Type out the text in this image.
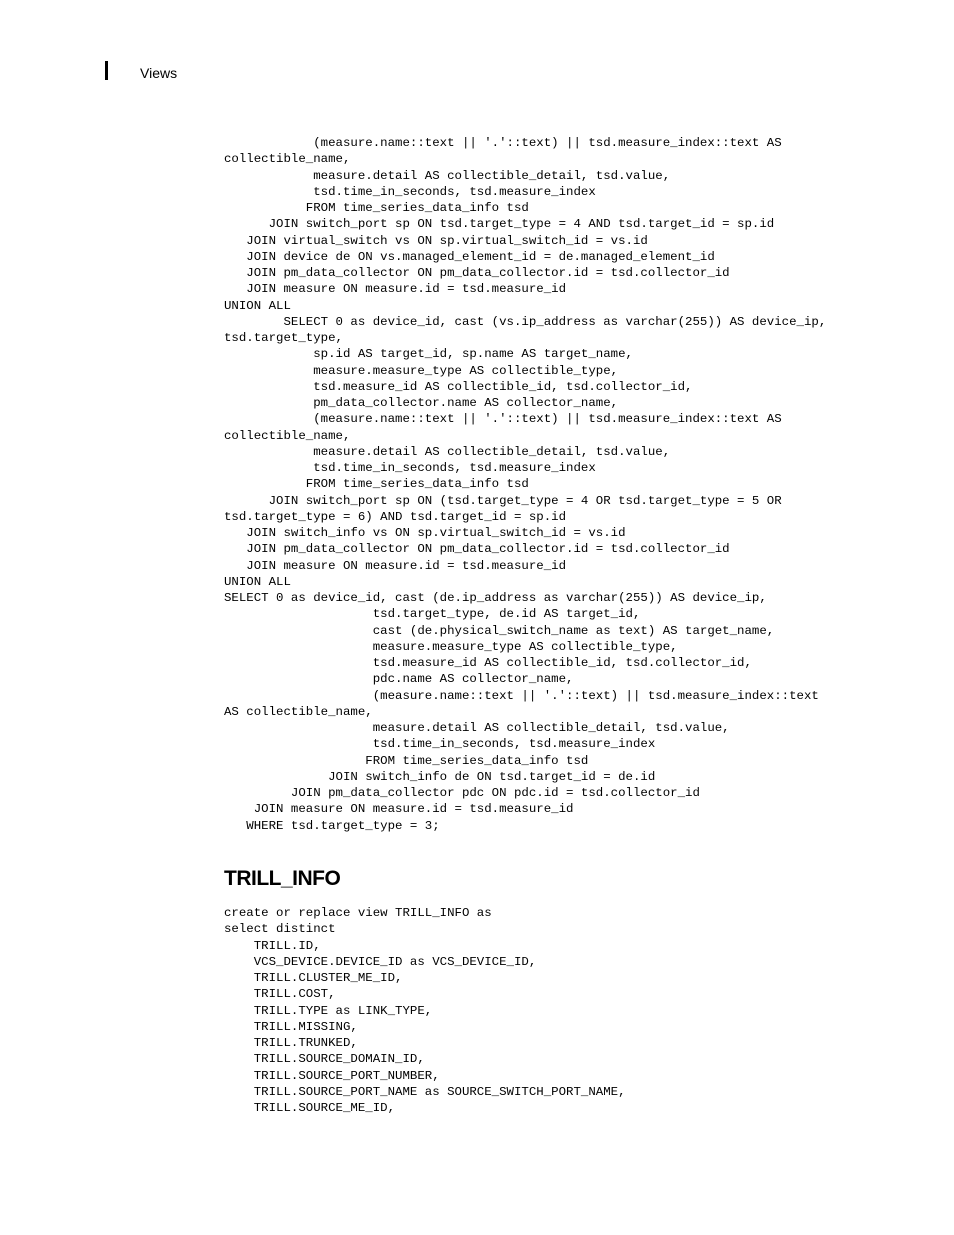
Views
(measure.name::text || '.'::text) || tsd.measure_index::text AS
collectible_name,
measure.detail AS collectible_detail, tsd.value,
tsd.time_in_seconds, tsd.measure_index
FROM time_series_data_info tsd
JOIN switch_port sp ON tsd.target_type = 4 AND tsd.target_id = sp.id
JOIN virtual_switch vs ON sp.virtual_switch_id = vs.id
JOIN device de ON vs.managed_element_id = de.managed_element_id
JOIN pm_data_collector ON pm_data_collector.id = tsd.collector_id
JOIN measure ON measure.id = tsd.measure_id
UNION ALL
SELECT 0 as device_id, cast (vs.ip_address as varchar(255)) AS device_ip,
tsd.target_type,
sp.id AS target_id, sp.name AS target_name,
measure.measure_type AS collectible_type,
tsd.measure_id AS collectible_id, tsd.collector_id,
pm_data_collector.name AS collector_name,
(measure.name::text || '.'::text) || tsd.measure_index::text AS
collectible_name,
measure.detail AS collectible_detail, tsd.value,
tsd.time_in_seconds, tsd.measure_index
FROM time_series_data_info tsd
JOIN switch_port sp ON (tsd.target_type = 4 OR tsd.target_type = 5 OR
tsd.target_type = 6) AND tsd.target_id = sp.id
JOIN switch_info vs ON sp.virtual_switch_id = vs.id
JOIN pm_data_collector ON pm_data_collector.id = tsd.collector_id
JOIN measure ON measure.id = tsd.measure_id
UNION ALL
SELECT 0 as device_id, cast (de.ip_address as varchar(255)) AS device_ip,
tsd.target_type, de.id AS target_id,
cast (de.physical_switch_name as text) AS target_name,
measure.measure_type AS collectible_type,
tsd.measure_id AS collectible_id, tsd.collector_id,
pdc.name AS collector_name,
(measure.name::text || '.'::text) || tsd.measure_index::text
AS collectible_name,
measure.detail AS collectible_detail, tsd.value,
tsd.time_in_seconds, tsd.measure_index
FROM time_series_data_info tsd
JOIN switch_info de ON tsd.target_id = de.id
JOIN pm_data_collector pdc ON pdc.id = tsd.collector_id
JOIN measure ON measure.id = tsd.measure_id
WHERE tsd.target_type = 3;
TRILL_INFO
create or replace view TRILL_INFO as
select distinct
TRILL.ID,
VCS_DEVICE.DEVICE_ID as VCS_DEVICE_ID,
TRILL.CLUSTER_ME_ID,
TRILL.COST,
TRILL.TYPE as LINK_TYPE,
TRILL.MISSING,
TRILL.TRUNKED,
TRILL.SOURCE_DOMAIN_ID,
TRILL.SOURCE_PORT_NUMBER,
TRILL.SOURCE_PORT_NAME as SOURCE_SWITCH_PORT_NAME,
TRILL.SOURCE_ME_ID,
